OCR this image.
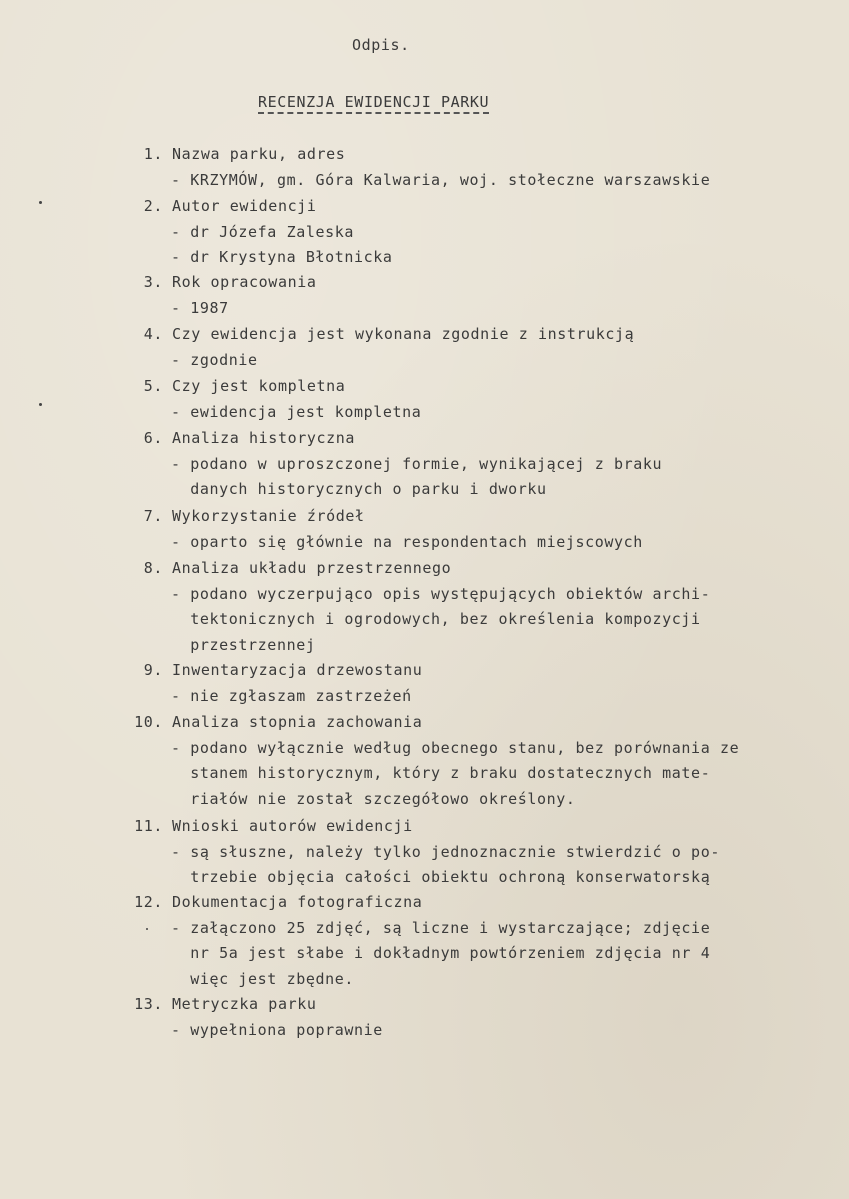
Odpis.
RECENZJA EWIDENCJI PARKU
1. Nazwa parku, adres
- KRZYMÓW, gm. Góra Kalwaria, woj. stołeczne warszawskie
2. Autor ewidencji
- dr Józefa Zaleska
- dr Krystyna Błotnicka
3. Rok opracowania
- 1987
4. Czy ewidencja jest wykonana zgodnie z instrukcją
- zgodnie
5. Czy jest kompletna
- ewidencja jest kompletna
6. Analiza historyczna
- podano w uproszczonej formie, wynikającej z braku
danych historycznych o parku i dworku
7. Wykorzystanie źródeł
- oparto się głównie na respondentach miejscowych
8. Analiza układu przestrzennego
- podano wyczerpująco opis występujących obiektów archi-
tektonicznych i ogrodowych, bez określenia kompozycji
przestrzennej
9. Inwentaryzacja drzewostanu
- nie zgłaszam zastrzeżeń
10. Analiza stopnia zachowania
- podano wyłącznie według obecnego stanu, bez porównania ze
stanem historycznym, który z braku dostatecznych mate-
riałów nie został szczegółowo określony.
11. Wnioski autorów ewidencji
- są słuszne, należy tylko jednoznacznie stwierdzić o po-
trzebie objęcia całości obiektu ochroną konserwatorską
12. Dokumentacja fotograficzna
- załączono 25 zdjęć, są liczne i wystarczające; zdjęcie
nr 5a jest słabe i dokładnym powtórzeniem zdjęcia nr 4
więc jest zbędne.
13. Metryczka parku
- wypełniona poprawnie
